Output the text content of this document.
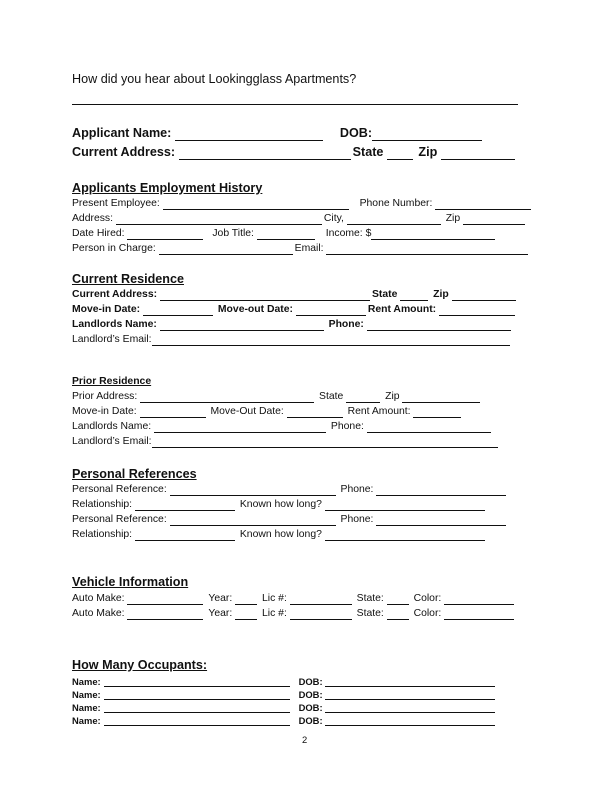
How did you hear about Lookingglass Apartments?
Applicant Name:	DOB:
Current Address:	State	Zip
Applicants Employment History
Present Employee:	Phone Number:
Address:	City,	Zip
Date Hired:	Job Title:	Income: $
Person in Charge:	Email:
Current Residence
Current Address:	State	Zip
Move-in Date:	Move-out Date:	Rent Amount:
Landlords Name:	Phone:
Landlord’s Email:
Prior Residence
Prior Address:	State	Zip
Move-in Date:	Move-Out Date:	Rent Amount:
Landlords Name:	Phone:
Landlord’s Email:
Personal References
Personal Reference:	Phone:
Relationship:	Known how long?
Personal Reference:	Phone:
Relationship:	Known how long?
Vehicle Information
Auto Make:	Year:	Lic #:	State:	Color:
Auto Make:	Year:	Lic #:	State:	Color:
How Many Occupants:
Name:	DOB:
Name:	DOB:
Name:	DOB:
Name:	DOB:
2
